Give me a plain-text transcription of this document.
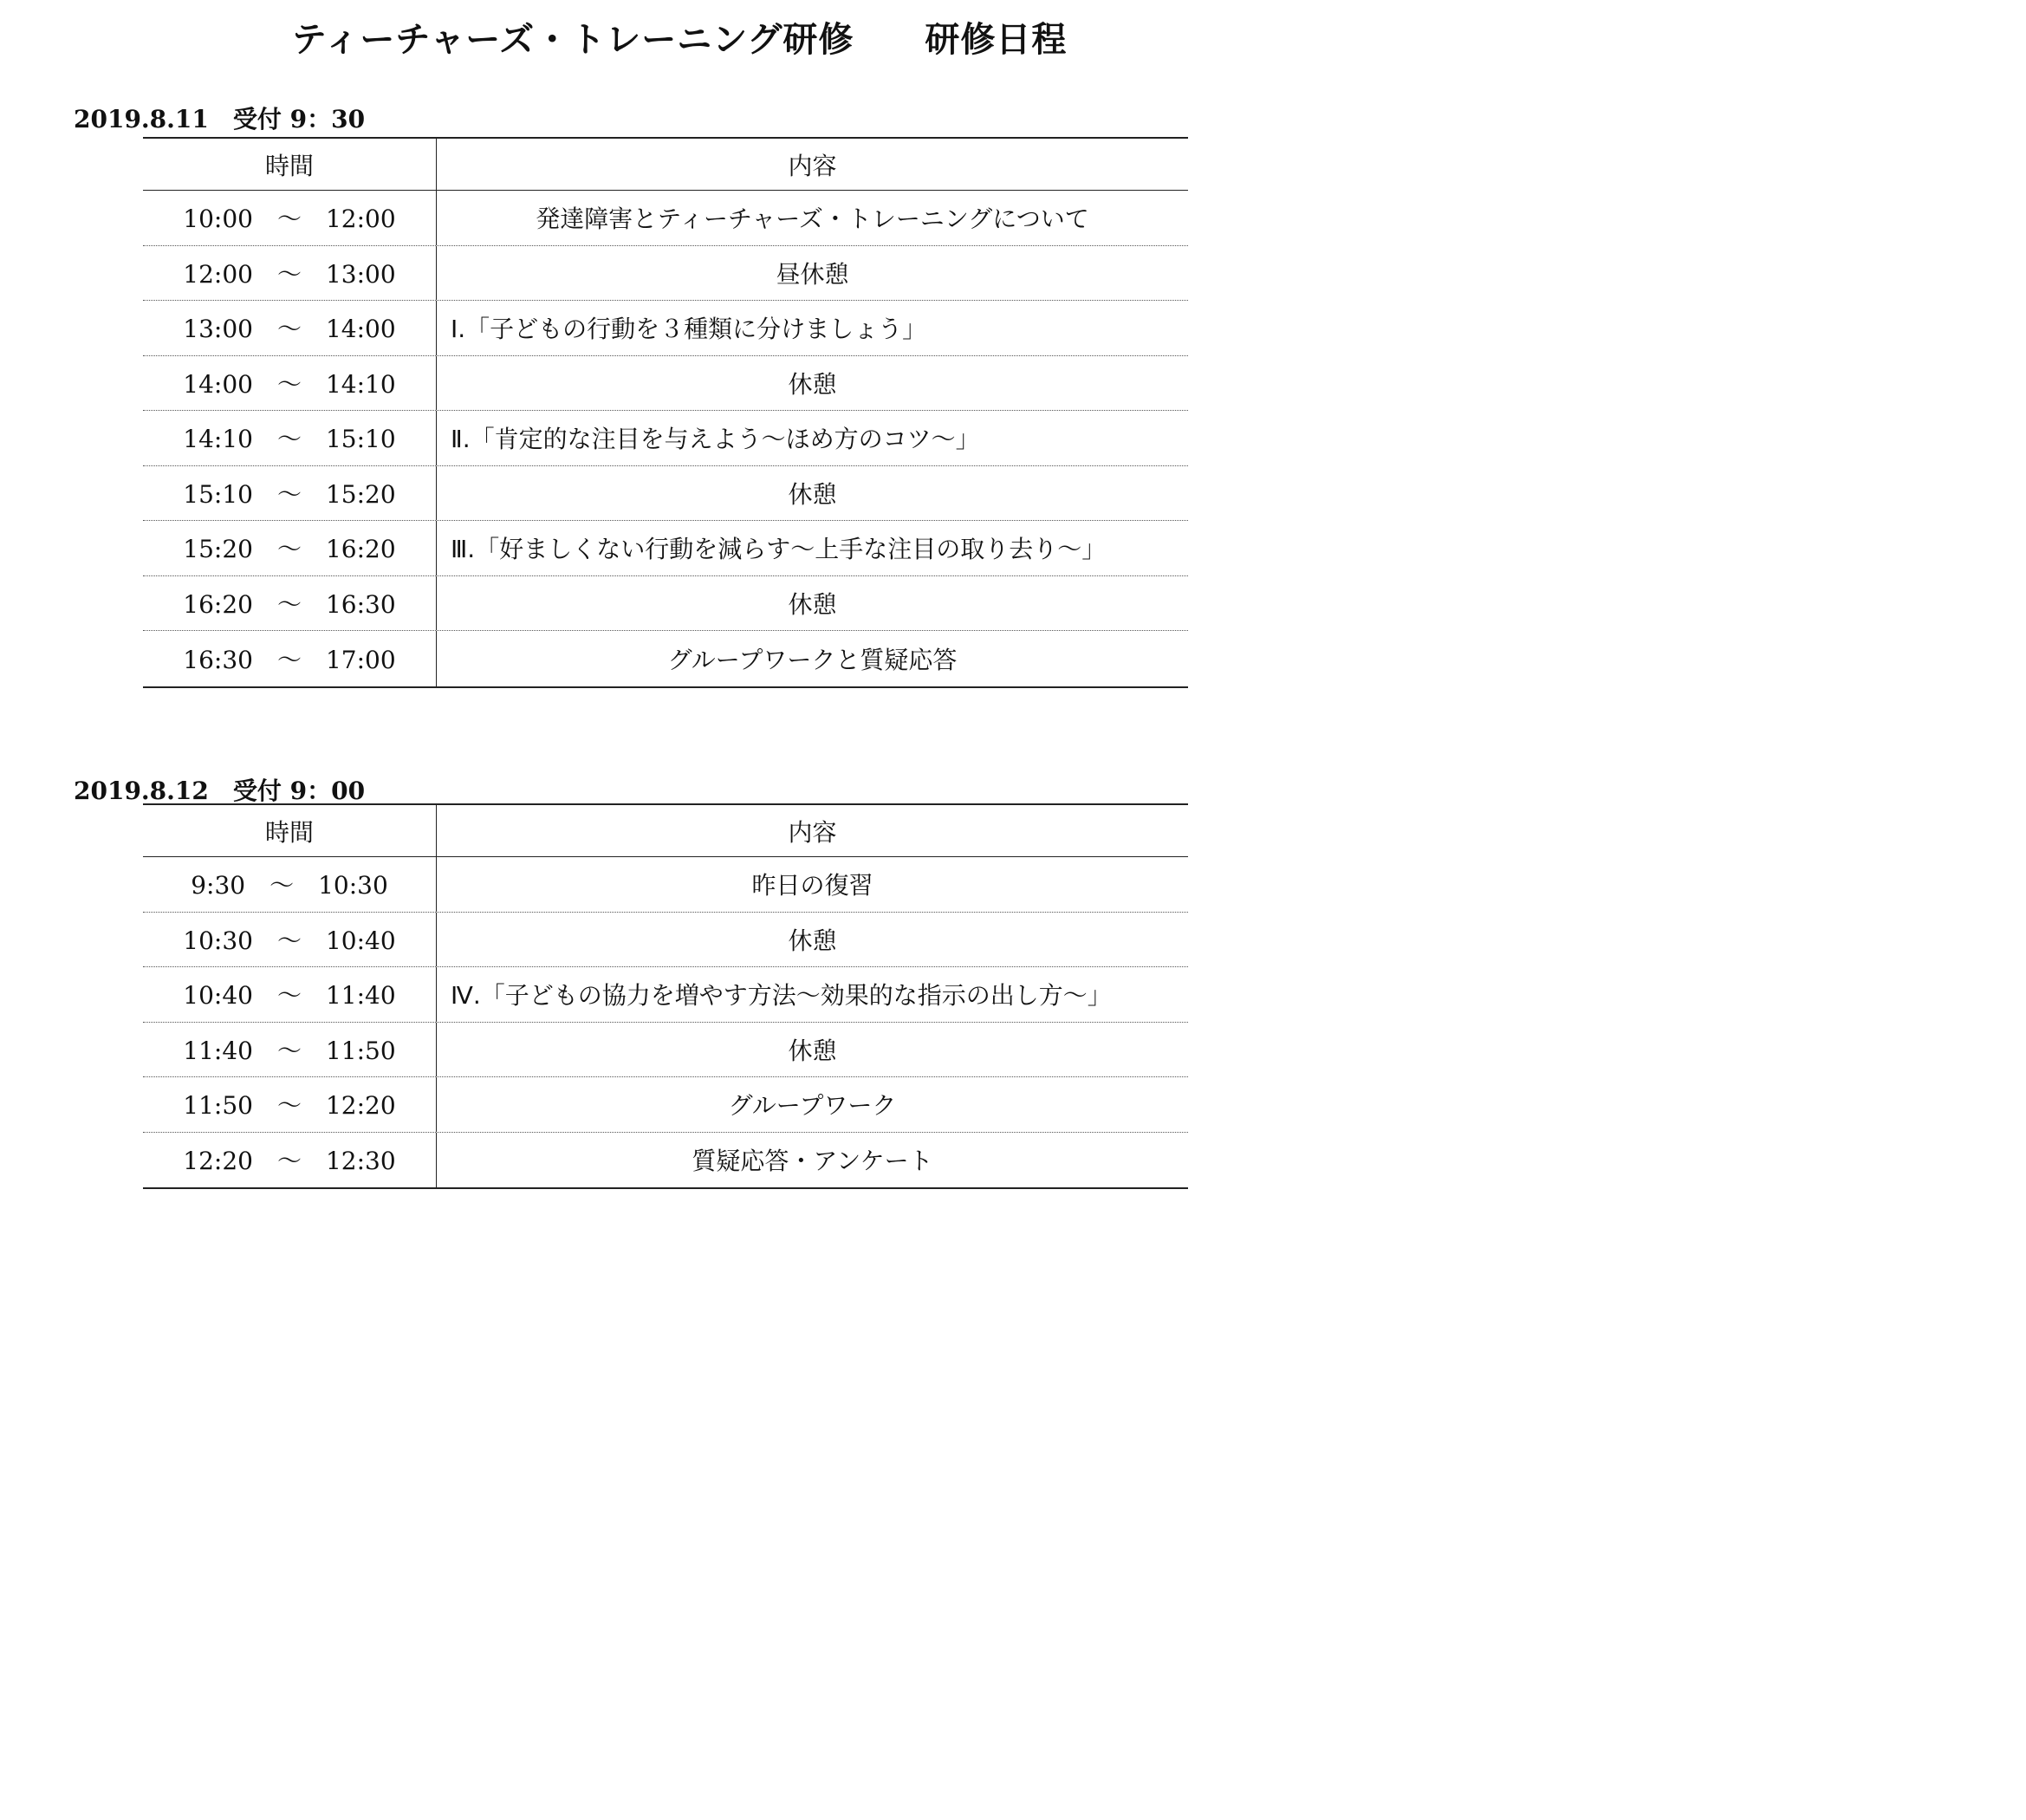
ティーチャーズ・トレーニング研修　　研修日程
2019.8.11　受付 9：30
時間	内容
10:00　～　12:00	発達障害とティーチャーズ・トレーニングについて
12:00　～　13:00	昼休憩
13:00　～　14:00	Ⅰ.「子どもの行動を３種類に分けましょう」
14:00　～　14:10	休憩
14:10　～　15:10	Ⅱ.「肯定的な注目を与えよう～ほめ方のコツ～」
15:10　～　15:20	休憩
15:20　～　16:20	Ⅲ.「好ましくない行動を減らす～上手な注目の取り去り～」
16:20　～　16:30	休憩
16:30　～　17:00	グループワークと質疑応答
2019.8.12　受付 9：00
時間	内容
9:30　～　10:30	昨日の復習
10:30　～　10:40	休憩
10:40　～　11:40	Ⅳ.「子どもの協力を増やす方法～効果的な指示の出し方～」
11:40　～　11:50	休憩
11:50　～　12:20	グループワーク
12:20　～　12:30	質疑応答・アンケート
